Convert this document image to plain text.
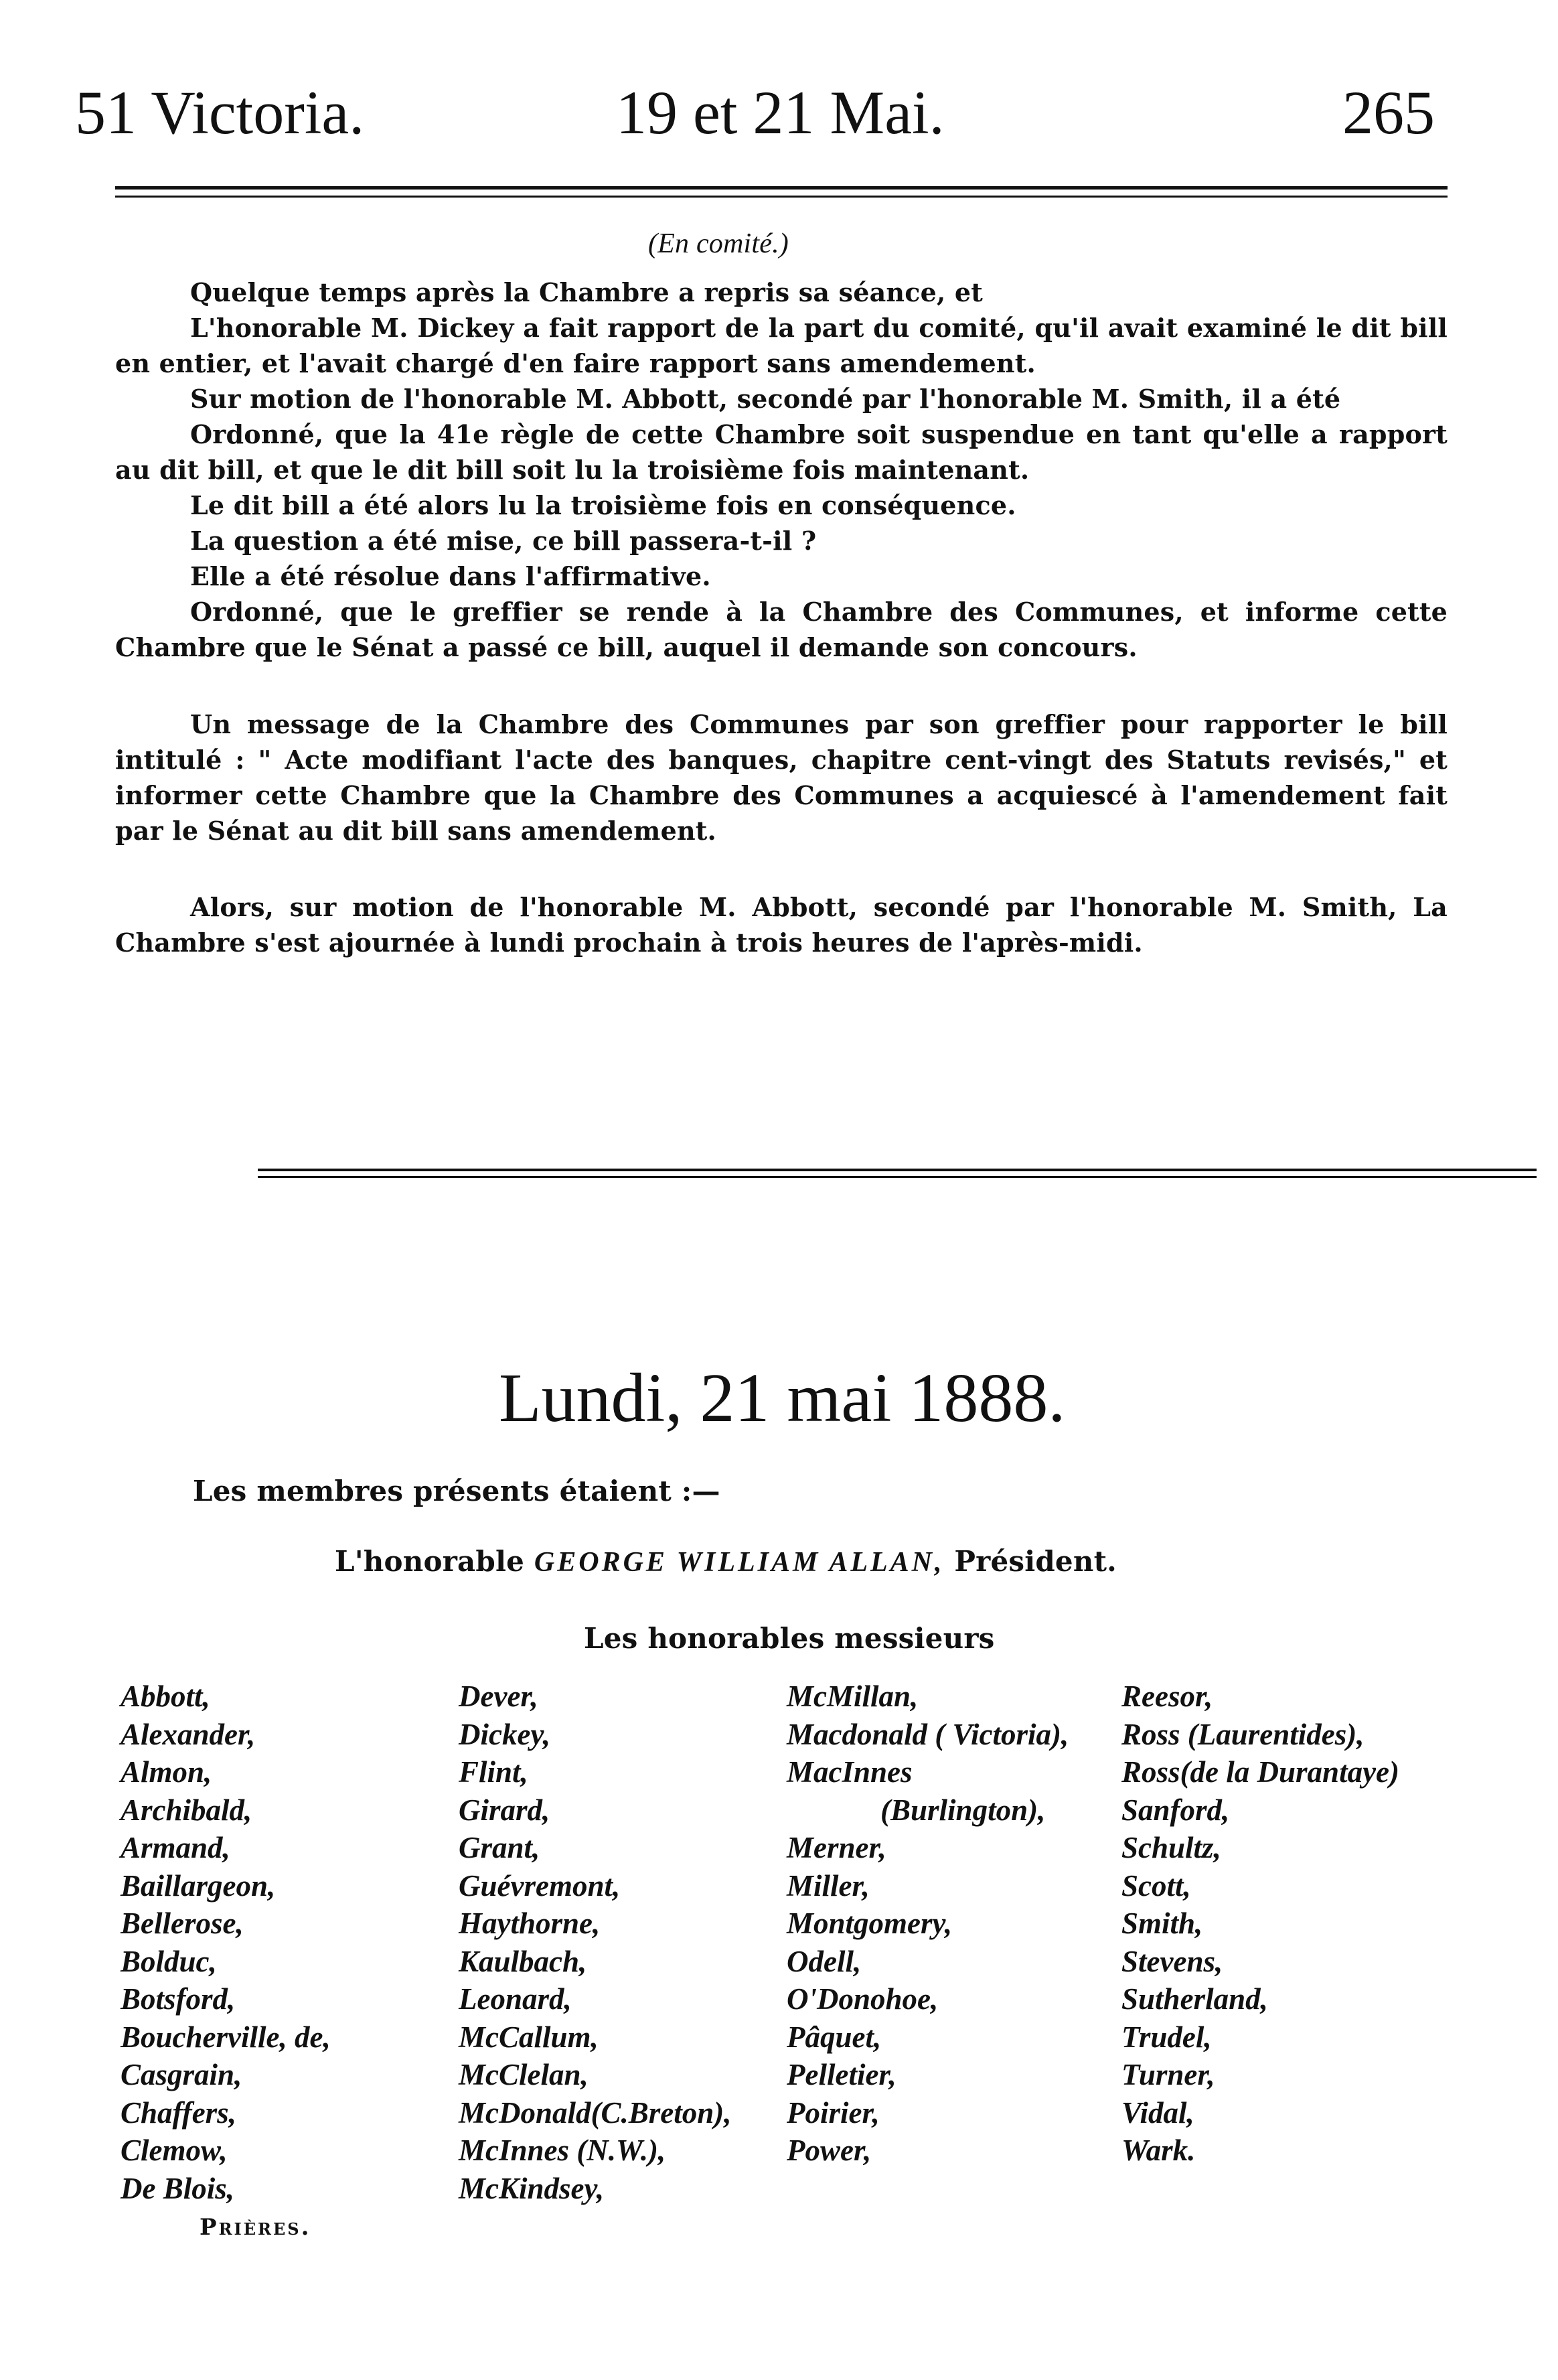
51 Victoria.	19 et 21 Mai.	265
(En comité.)

Quelque temps après la Chambre a repris sa séance, et

L'honorable M. Dickey a fait rapport de la part du comité, qu'il avait examiné le dit bill en entier, et l'avait chargé d'en faire rapport sans amendement.

Sur motion de l'honorable M. Abbott, secondé par l'honorable M. Smith, il a été

Ordonné, que la 41e règle de cette Chambre soit suspendue en tant qu'elle a rapport au dit bill, et que le dit bill soit lu la troisième fois maintenant.

Le dit bill a été alors lu la troisième fois en conséquence.

La question a été mise, ce bill passera-t-il ?

Elle a été résolue dans l'affirmative.

Ordonné, que le greffier se rende à la Chambre des Communes, et informe cette Chambre que le Sénat a passé ce bill, auquel il demande son concours.

Un message de la Chambre des Communes par son greffier pour rapporter le bill intitulé : " Acte modifiant l'acte des banques, chapitre cent-vingt des Statuts revisés," et informer cette Chambre que la Chambre des Communes a acquiescé à l'amendement fait par le Sénat au dit bill sans amendement.

Alors, sur motion de l'honorable M. Abbott, secondé par l'honorable M. Smith, La Chambre s'est ajournée à lundi prochain à trois heures de l'après-midi.

Lundi, 21 mai 1888.
Les membres présents étaient :—
L'honorable GEORGE WILLIAM ALLAN, Président.
Les honorables messieurs
Abbott,
Alexander,
Almon,
Archibald,
Armand,
Baillargeon,
Bellerose,
Bolduc,
Botsford,
Boucherville, de,
Casgrain,
Chaffers,
Clemow,
De Blois,
Dever,
Dickey,
Flint,
Girard,
Grant,
Guévremont,
Haythorne,
Kaulbach,
Leonard,
McCallum,
McClelan,
McDonald(C.Breton),
McInnes (N.W.),
McKindsey,
McMillan,
Macdonald ( Victoria),
MacInnes
(Burlington),
Merner,
Miller,
Montgomery,
Odell,
O'Donohoe,
Pâquet,
Pelletier,
Poirier,
Power,
Reesor,
Ross (Laurentides),
Ross(de la Durantaye)
Sanford,
Schultz,
Scott,
Smith,
Stevens,
Sutherland,
Trudel,
Turner,
Vidal,
Wark.
Prières.
